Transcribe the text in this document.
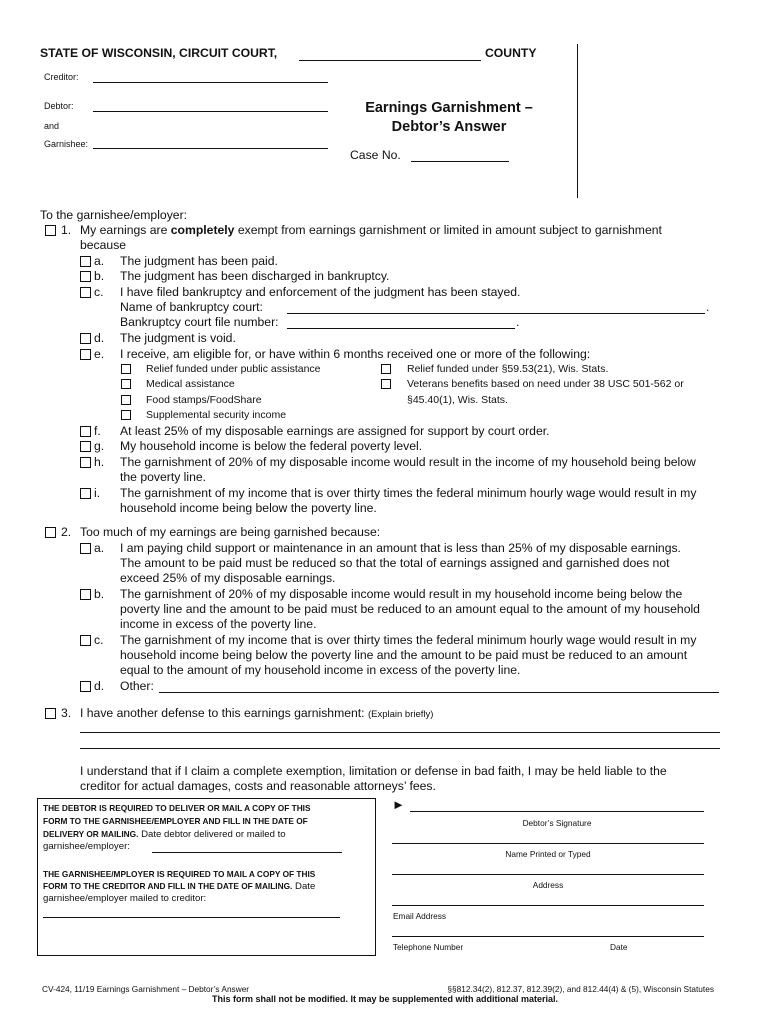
STATE OF WISCONSIN, CIRCUIT COURT,	COUNTY
Creditor:
Debtor:
and
Garnishee:
Earnings Garnishment –
Debtor’s Answer
Case No.
To the garnishee/employer:
1. My earnings are completely exempt from earnings garnishment or limited in amount subject to garnishment
because
a. The judgment has been paid.
b. The judgment has been discharged in bankruptcy.
c. I have filed bankruptcy and enforcement of the judgment has been stayed.
Name of bankruptcy court:	.
Bankruptcy court file number:	.
d. The judgment is void.
e. I receive, am eligible for, or have within 6 months received one or more of the following:
Relief funded under public assistance
Medical assistance
Food stamps/FoodShare
Supplemental security income
Relief funded under §59.53(21), Wis. Stats.
Veterans benefits based on need under 38 USC 501-562 or
§45.40(1), Wis. Stats.
f. At least 25% of my disposable earnings are assigned for support by court order.
g. My household income is below the federal poverty level.
h. The garnishment of 20% of my disposable income would result in the income of my household being below
the poverty line.
i. The garnishment of my income that is over thirty times the federal minimum hourly wage would result in my
household income being below the poverty line.
2. Too much of my earnings are being garnished because:
a. I am paying child support or maintenance in an amount that is less than 25% of my disposable earnings.
The amount to be paid must be reduced so that the total of earnings assigned and garnished does not
exceed 25% of my disposable earnings.
b. The garnishment of 20% of my disposable income would result in my household income being below the
poverty line and the amount to be paid must be reduced to an amount equal to the amount of my household
income in excess of the poverty line.
c. The garnishment of my income that is over thirty times the federal minimum hourly wage would result in my
household income being below the poverty line and the amount to be paid must be reduced to an amount
equal to the amount of my household income in excess of the poverty line.
d. Other:
3. I have another defense to this earnings garnishment: (Explain briefly)
I understand that if I claim a complete exemption, limitation or defense in bad faith, I may be held liable to the
creditor for actual damages, costs and reasonable attorneys’ fees.
THE DEBTOR IS REQUIRED TO DELIVER OR MAIL A COPY OF THIS
FORM TO THE GARNISHEE/EMPLOYER AND FILL IN THE DATE OF
DELIVERY OR MAILING. Date debtor delivered or mailed to
garnishee/employer:
THE GARNISHEE/MPLOYER IS REQUIRED TO MAIL A COPY OF THIS
FORM TO THE CREDITOR AND FILL IN THE DATE OF MAILING. Date
garnishee/employer mailed to creditor:
►
Debtor’s Signature
Name Printed or Typed
Address
Email Address
Telephone Number	Date
CV-424, 11/19 Earnings Garnishment – Debtor’s Answer	§§812.34(2), 812.37, 812.39(2), and 812.44(4) & (5), Wisconsin Statutes
This form shall not be modified. It may be supplemented with additional material.
